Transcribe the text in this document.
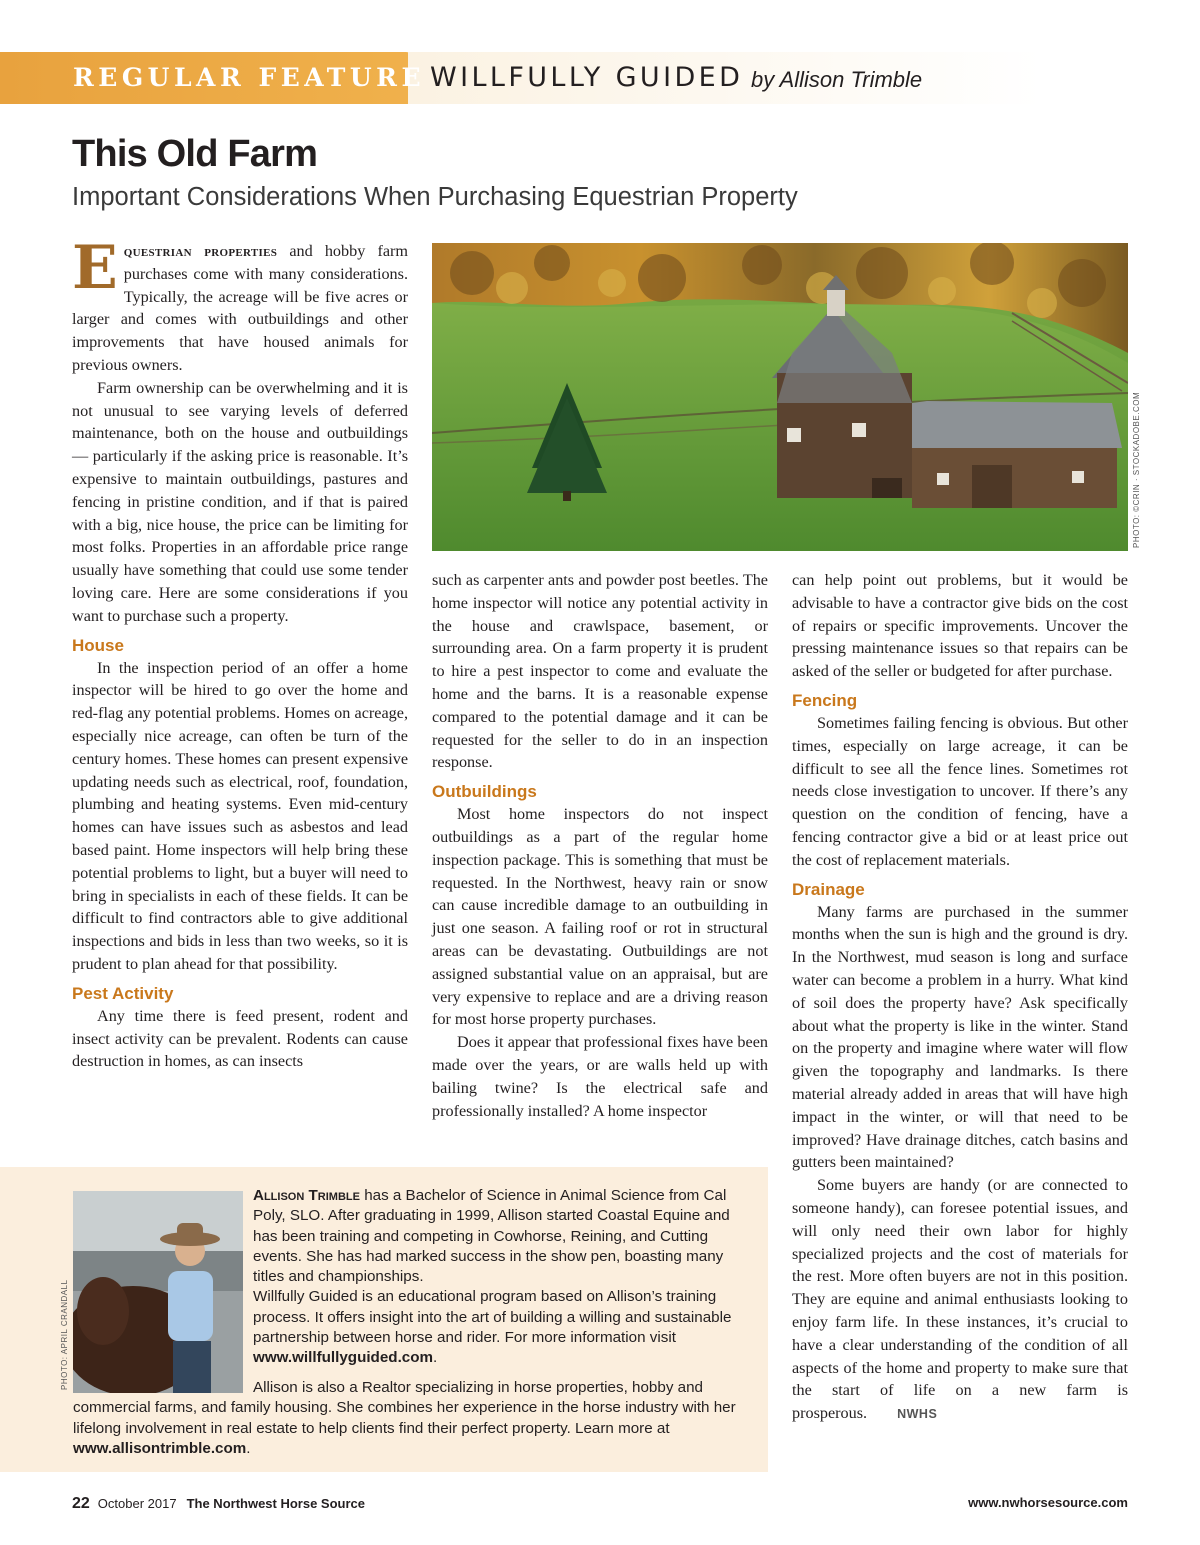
REGULAR FEATURE WILLFULLY GUIDED by Allison Trimble
This Old Farm
Important Considerations When Purchasing Equestrian Property

Equestrian properties and hobby farm purchases come with many considerations. Typically, the acreage will be five acres or larger and comes with outbuildings and other improvements that have housed animals for previous owners.

Farm ownership can be overwhelming and it is not unusual to see varying levels of deferred maintenance, both on the house and outbuildings — particularly if the asking price is reasonable. It’s expensive to maintain outbuildings, pastures and fencing in pristine condition, and if that is paired with a big, nice house, the price can be limiting for most folks. Properties in an affordable price range usually have something that could use some tender loving care. Here are some considerations if you want to purchase such a property.

House

In the inspection period of an offer a home inspector will be hired to go over the home and red-flag any potential problems. Homes on acreage, especially nice acreage, can often be turn of the century homes. These homes can present expensive updating needs such as electrical, roof, foundation, plumbing and heating systems. Even mid-century homes can have issues such as asbestos and lead based paint. Home inspectors will help bring these potential problems to light, but a buyer will need to bring in specialists in each of these fields. It can be difficult to find contractors able to give additional inspections and bids in less than two weeks, so it is prudent to plan ahead for that possibility.

Pest Activity

Any time there is feed present, rodent and insect activity can be prevalent. Rodents can cause destruction in homes, as can insects

PHOTO: ©CRIN · STOCKADOBE.COM

such as carpenter ants and powder post beetles. The home inspector will notice any potential activity in the house and crawlspace, basement, or surrounding area. On a farm property it is prudent to hire a pest inspector to come and evaluate the home and the barns. It is a reasonable expense compared to the potential damage and it can be requested for the seller to do in an inspection response.

Outbuildings

Most home inspectors do not inspect outbuildings as a part of the regular home inspection package. This is something that must be requested. In the Northwest, heavy rain or snow can cause incredible damage to an outbuilding in just one season. A failing roof or rot in structural areas can be devastating. Outbuildings are not assigned substantial value on an appraisal, but are very expensive to replace and are a driving reason for most horse property purchases.

Does it appear that professional fixes have been made over the years, or are walls held up with bailing twine? Is the electrical safe and professionally installed? A home inspector

can help point out problems, but it would be advisable to have a contractor give bids on the cost of repairs or specific improvements. Uncover the pressing maintenance issues so that repairs can be asked of the seller or budgeted for after purchase.

Fencing

Sometimes failing fencing is obvious. But other times, especially on large acreage, it can be difficult to see all the fence lines. Sometimes rot needs close investigation to uncover. If there’s any question on the condition of fencing, have a fencing contractor give a bid or at least price out the cost of replacement materials.

Drainage

Many farms are purchased in the summer months when the sun is high and the ground is dry. In the Northwest, mud season is long and surface water can become a problem in a hurry. What kind of soil does the property have? Ask specifically about what the property is like in the winter. Stand on the property and imagine where water will flow given the topography and landmarks. Is there material already added in areas that will have high impact in the winter, or will that need to be improved? Have drainage ditches, catch basins and gutters been maintained?

Some buyers are handy (or are connected to someone handy), can foresee potential issues, and will only need their own labor for highly specialized projects and the cost of materials for the rest. More often buyers are not in this position. They are equine and animal enthusiasts looking to enjoy farm life. In these instances, it’s crucial to have a clear understanding of the condition of all aspects of the home and property to make sure that the start of life on a new farm is prosperous. NWHS

PHOTO: APRIL CRANDALL

Allison Trimble has a Bachelor of Science in Animal Science from Cal Poly, SLO. After graduating in 1999, Allison started Coastal Equine and has been training and competing in Cowhorse, Reining, and Cutting events. She has had marked success in the show pen, boasting many titles and championships.

Willfully Guided is an educational program based on Allison’s training process. It offers insight into the art of building a willing and sustainable partnership between horse and rider. For more information visit www.willfullyguided.com.

Allison is also a Realtor specializing in horse properties, hobby and commercial farms, and family housing. She combines her experience in the horse industry with her lifelong involvement in real estate to help clients find their perfect property. Learn more at www.allisontrimble.com.

22 October 2017 The Northwest Horse Source	www.nwhorsesource.com
